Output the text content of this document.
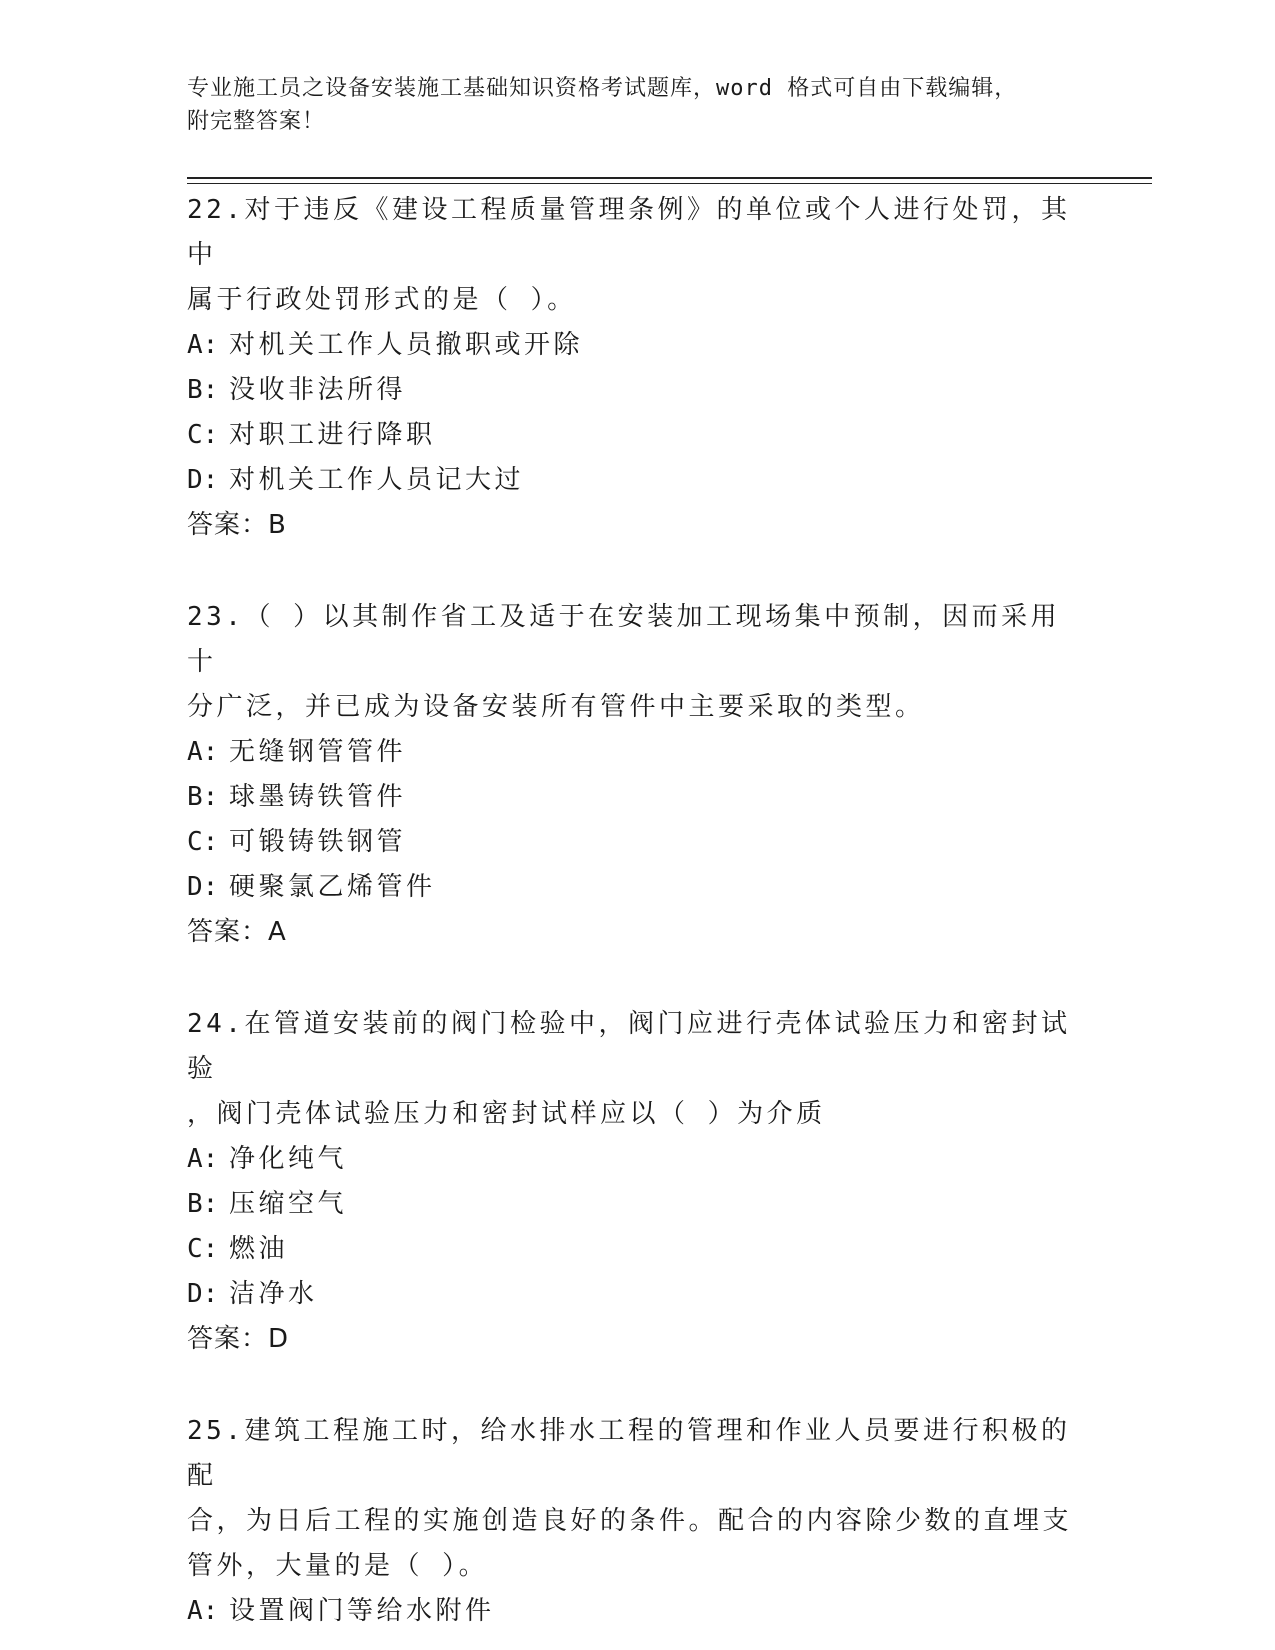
专业施工员之设备安装施工基础知识资格考试题库，word 格式可自由下载编辑，
附完整答案！

22.对于违反《建设工程质量管理条例》的单位或个人进行处罚，其中

属于行政处罚形式的是（ ）。

A: 对机关工作人员撤职或开除

B: 没收非法所得

C: 对职工进行降职

D: 对机关工作人员记大过

答案：B

23.（ ）以其制作省工及适于在安装加工现场集中预制，因而采用十

分广泛，并已成为设备安装所有管件中主要采取的类型。

A: 无缝钢管管件

B: 球墨铸铁管件

C: 可锻铸铁钢管

D: 硬聚氯乙烯管件

答案：A

24.在管道安装前的阀门检验中，阀门应进行壳体试验压力和密封试验

，阀门壳体试验压力和密封试样应以（ ）为介质

A: 净化纯气

B: 压缩空气

C: 燃油

D: 洁净水

答案：D

25.建筑工程施工时，给水排水工程的管理和作业人员要进行积极的配

合，为日后工程的实施创造良好的条件。配合的内容除少数的直埋支

管外，大量的是（ ）。

A: 设置阀门等给水附件
